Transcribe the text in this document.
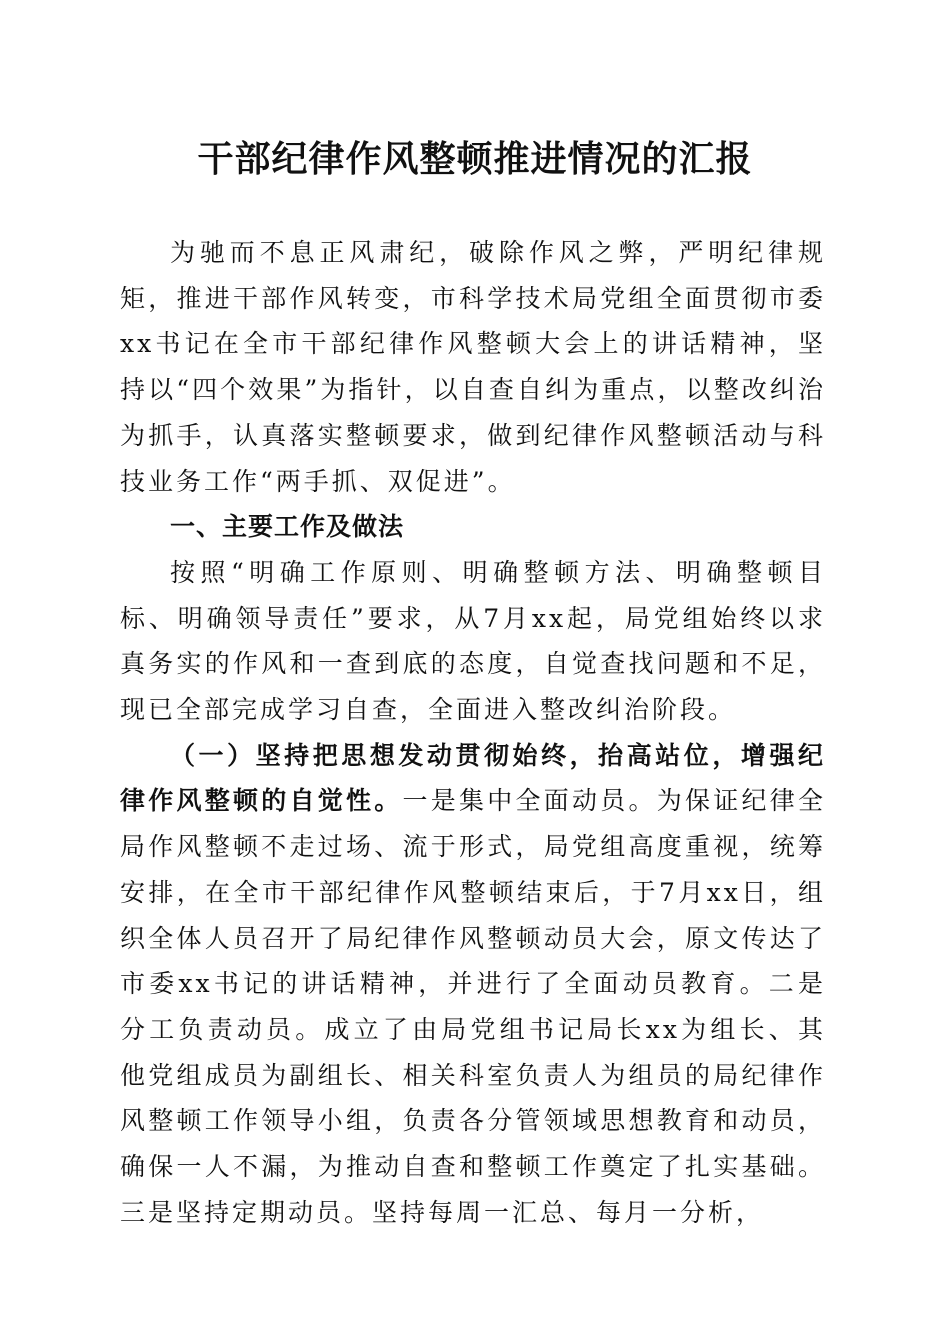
干部纪律作风整顿推进情况的汇报

为驰而不息正风肃纪，破除作风之弊，严明纪律规矩，推进干部作风转变，市科学技术局党组全面贯彻市委xx书记在全市干部纪律作风整顿大会上的讲话精神，坚持以“四个效果”为指针，以自查自纠为重点，以整改纠治为抓手，认真落实整顿要求，做到纪律作风整顿活动与科技业务工作“两手抓、双促进”。

一、主要工作及做法

按照“明确工作原则、明确整顿方法、明确整顿目标、明确领导责任”要求，从7月xx起，局党组始终以求真务实的作风和一查到底的态度，自觉查找问题和不足，现已全部完成学习自查，全面进入整改纠治阶段。

（一）坚持把思想发动贯彻始终，抬高站位，增强纪律作风整顿的自觉性。一是集中全面动员。为保证纪律全局作风整顿不走过场、流于形式，局党组高度重视，统筹安排，在全市干部纪律作风整顿结束后，于7月xx日，组织全体人员召开了局纪律作风整顿动员大会，原文传达了市委xx书记的讲话精神，并进行了全面动员教育。二是分工负责动员。成立了由局党组书记局长xx为组长、其他党组成员为副组长、相关科室负责人为组员的局纪律作风整顿工作领导小组，负责各分管领域思想教育和动员，确保一人不漏，为推动自查和整顿工作奠定了扎实基础。三是坚持定期动员。坚持每周一汇总、每月一分析，
